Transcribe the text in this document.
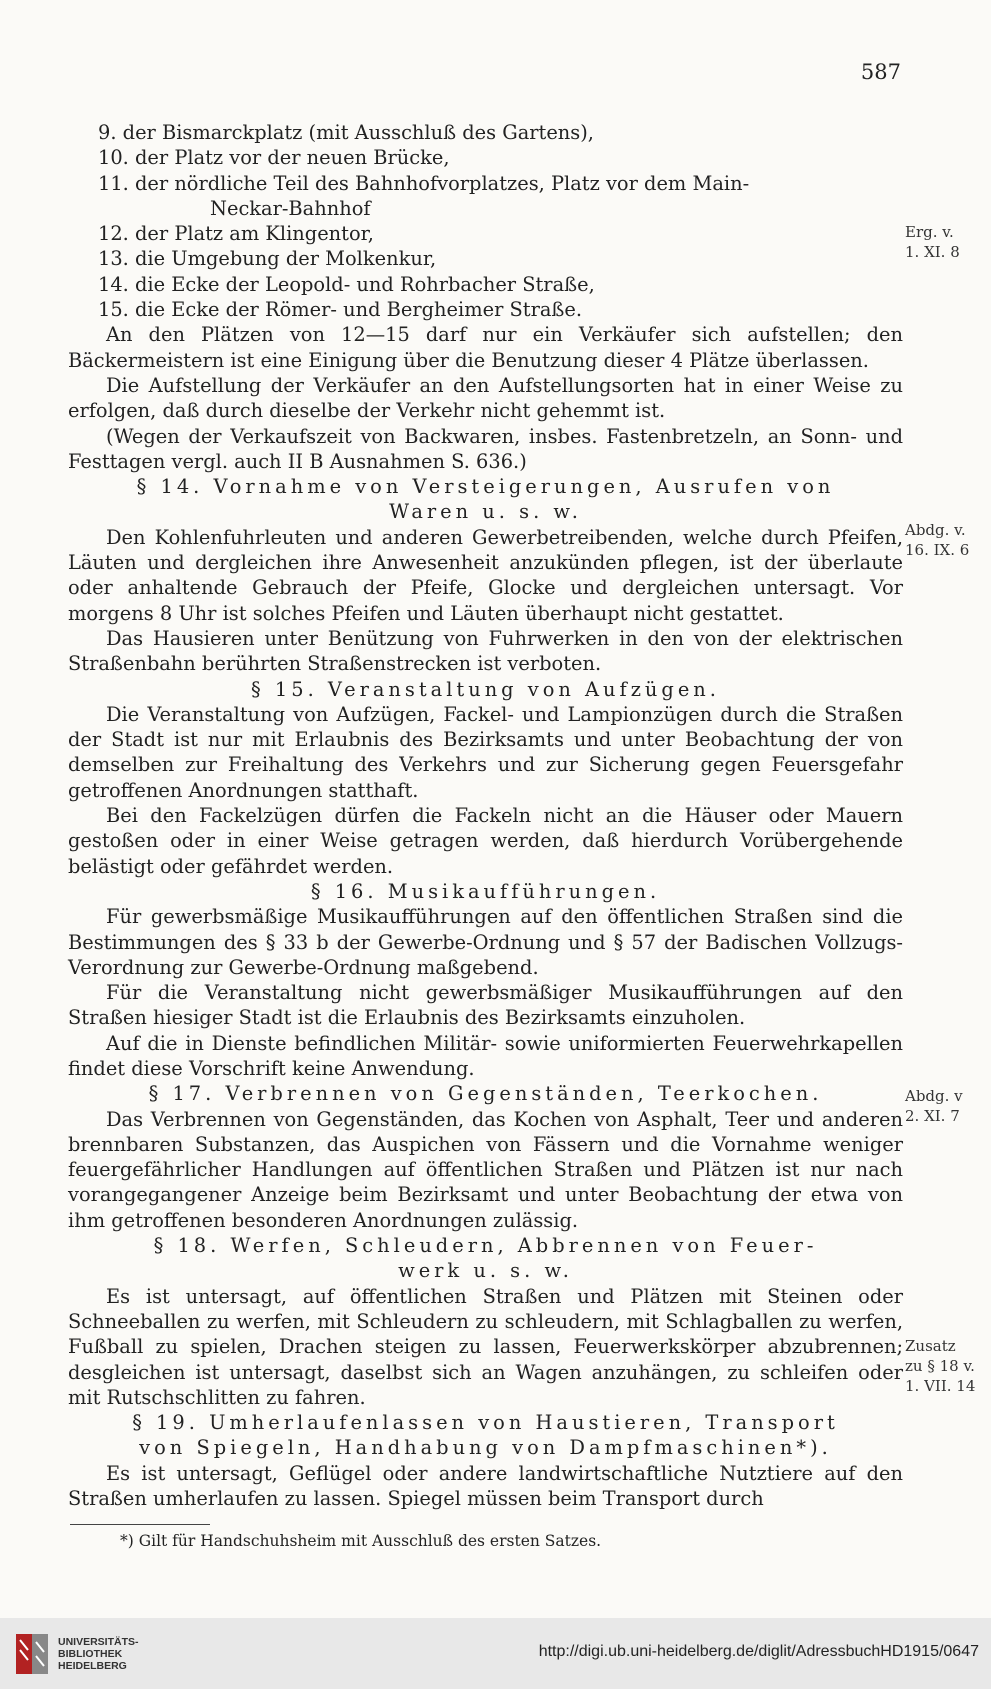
587

9. der Bismarckplatz (mit Ausschluß des Gartens),

10. der Platz vor der neuen Brücke,

11. der nördliche Teil des Bahnhofvorplatzes, Platz vor dem Main-

Neckar-Bahnhof

12. der Platz am Klingentor,

13. die Umgebung der Molkenkur,

14. die Ecke der Leopold- und Rohrbacher Straße,

15. die Ecke der Römer- und Bergheimer Straße.

An den Plätzen von 12—15 darf nur ein Verkäufer sich aufstellen; den Bäckermeistern ist eine Einigung über die Benutzung dieser 4 Plätze überlassen.

Die Aufstellung der Verkäufer an den Aufstellungsorten hat in einer Weise zu erfolgen, daß durch dieselbe der Verkehr nicht gehemmt ist.

(Wegen der Verkaufszeit von Backwaren, insbes. Fastenbretzeln, an Sonn- und Festtagen vergl. auch II B Ausnahmen S. 636.)

§ 14. Vornahme von Versteigerungen, Ausrufen von

Waren u. s. w.

Den Kohlenfuhrleuten und anderen Gewerbetreibenden, welche durch Pfeifen, Läuten und dergleichen ihre Anwesenheit anzukünden pflegen, ist der überlaute oder anhaltende Gebrauch der Pfeife, Glocke und dergleichen untersagt. Vor morgens 8 Uhr ist solches Pfeifen und Läuten überhaupt nicht gestattet.

Das Hausieren unter Benützung von Fuhrwerken in den von der elektrischen Straßenbahn berührten Straßenstrecken ist verboten.

§ 15. Veranstaltung von Aufzügen.

Die Veranstaltung von Aufzügen, Fackel- und Lampionzügen durch die Straßen der Stadt ist nur mit Erlaubnis des Bezirksamts und unter Beobachtung der von demselben zur Freihaltung des Verkehrs und zur Sicherung gegen Feuersgefahr getroffenen Anordnungen statthaft.

Bei den Fackelzügen dürfen die Fackeln nicht an die Häuser oder Mauern gestoßen oder in einer Weise getragen werden, daß hierdurch Vorübergehende belästigt oder gefährdet werden.

§ 16. Musikaufführungen.

Für gewerbsmäßige Musikaufführungen auf den öffentlichen Straßen sind die Bestimmungen des § 33 b der Gewerbe-Ordnung und § 57 der Badischen Vollzugs-Verordnung zur Gewerbe-Ordnung maßgebend.

Für die Veranstaltung nicht gewerbsmäßiger Musikaufführungen auf den Straßen hiesiger Stadt ist die Erlaubnis des Bezirksamts einzuholen.

Auf die in Dienste befindlichen Militär- sowie uniformierten Feuerwehrkapellen findet diese Vorschrift keine Anwendung.

§ 17. Verbrennen von Gegenständen, Teerkochen.

Das Verbrennen von Gegenständen, das Kochen von Asphalt, Teer und anderen brennbaren Substanzen, das Auspichen von Fässern und die Vornahme weniger feuergefährlicher Handlungen auf öffentlichen Straßen und Plätzen ist nur nach vorangegangener Anzeige beim Bezirksamt und unter Beobachtung der etwa von ihm getroffenen besonderen Anordnungen zulässig.

§ 18. Werfen, Schleudern, Abbrennen von Feuer-

werk u. s. w.

Es ist untersagt, auf öffentlichen Straßen und Plätzen mit Steinen oder Schneeballen zu werfen, mit Schleudern zu schleudern, mit Schlagballen zu werfen, Fußball zu spielen, Drachen steigen zu lassen, Feuerwerkskörper abzubrennen; desgleichen ist untersagt, daselbst sich an Wagen anzuhängen, zu schleifen oder mit Rutschschlitten zu fahren.

§ 19. Umherlaufenlassen von Haustieren, Transport

von Spiegeln, Handhabung von Dampfmaschinen*).

Es ist untersagt, Geflügel oder andere landwirtschaftliche Nutztiere auf den Straßen umherlaufen zu lassen. Spiegel müssen beim Transport durch

Erg. v.
1. XI. 8
Abdg. v.
16. IX. 6
Abdg. v
2. XI. 7
Zusatz
zu § 18 v.
1. VII. 14
*) Gilt für Handschuhsheim mit Ausschluß des ersten Satzes.
UNIVERSITÄTS-
BIBLIOTHEK
HEIDELBERG
http://digi.ub.uni-heidelberg.de/diglit/AdressbuchHD1915/0647
